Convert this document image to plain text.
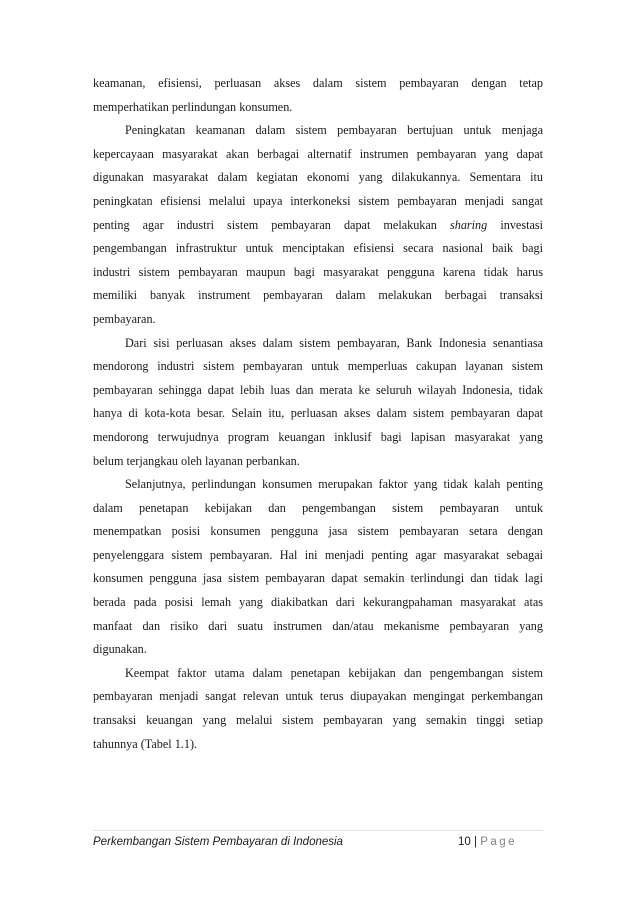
keamanan, efisiensi, perluasan akses dalam sistem pembayaran dengan tetap
memperhatikan perlindungan konsumen.
Peningkatan keamanan dalam sistem pembayaran bertujuan untuk menjaga
kepercayaan masyarakat akan berbagai alternatif instrumen pembayaran yang dapat
digunakan masyarakat dalam kegiatan ekonomi yang dilakukannya. Sementara itu
peningkatan efisiensi melalui upaya interkoneksi sistem pembayaran menjadi sangat
penting agar industri sistem pembayaran dapat melakukan sharing investasi
pengembangan infrastruktur untuk menciptakan efisiensi secara nasional baik bagi
industri sistem pembayaran maupun bagi masyarakat pengguna karena tidak harus
memiliki banyak instrument pembayaran dalam melakukan berbagai transaksi
pembayaran.
Dari sisi perluasan akses dalam sistem pembayaran, Bank Indonesia senantiasa
mendorong industri sistem pembayaran untuk memperluas cakupan layanan sistem
pembayaran sehingga dapat lebih luas dan merata ke seluruh wilayah Indonesia, tidak
hanya di kota-kota besar. Selain itu, perluasan akses dalam sistem pembayaran dapat
mendorong terwujudnya program keuangan inklusif bagi lapisan masyarakat yang
belum terjangkau oleh layanan perbankan.
Selanjutnya, perlindungan konsumen merupakan faktor yang tidak kalah penting
dalam penetapan kebijakan dan pengembangan sistem pembayaran untuk
menempatkan posisi konsumen pengguna jasa sistem pembayaran setara dengan
penyelenggara sistem pembayaran. Hal ini menjadi penting agar masyarakat sebagai
konsumen pengguna jasa sistem pembayaran dapat semakin terlindungi dan tidak lagi
berada pada posisi lemah yang diakibatkan dari kekurangpahaman masyarakat atas
manfaat dan risiko dari suatu instrumen dan/atau mekanisme pembayaran yang
digunakan.
Keempat faktor utama dalam penetapan kebijakan dan pengembangan sistem
pembayaran menjadi sangat relevan untuk terus diupayakan mengingat perkembangan
transaksi keuangan yang melalui sistem pembayaran yang semakin tinggi setiap
tahunnya (Tabel 1.1).
Perkembangan Sistem Pembayaran di Indonesia	10 | Page
